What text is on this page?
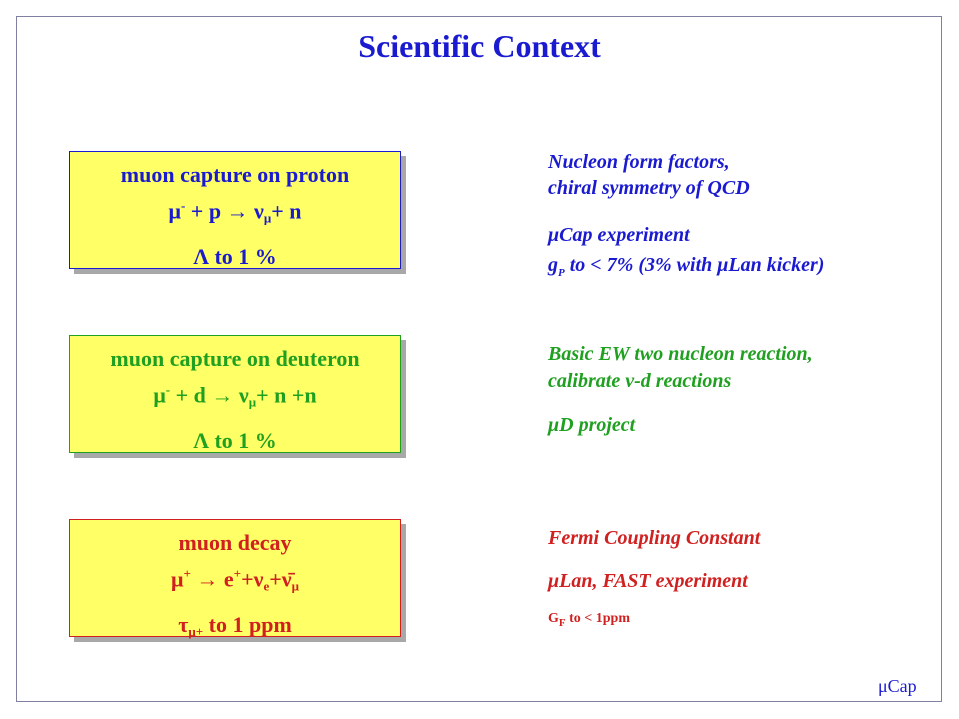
Scientific Context
muon capture on proton
$\mu^- + p \to \nu_\mu+ n$
Λ to 1 %
muon capture on deuteron
$\mu^- + d \to \nu_\mu+ n +n$
Λ to 1 %
muon decay
$\mu^+ \to e^++\nu_e+\nū_\mu$
$\tau_{\mu+}$ to 1 ppm
Nucleon form factors,
chiral symmetry of QCD
μCap experiment
$g_P$ to < 7% (3% with μLan kicker)
Basic EW two nucleon reaction,
calibrate ν-d reactions
μD project
Fermi Coupling Constant
μLan, FAST experiment
$G_F$ to < 1ppm
μCap
